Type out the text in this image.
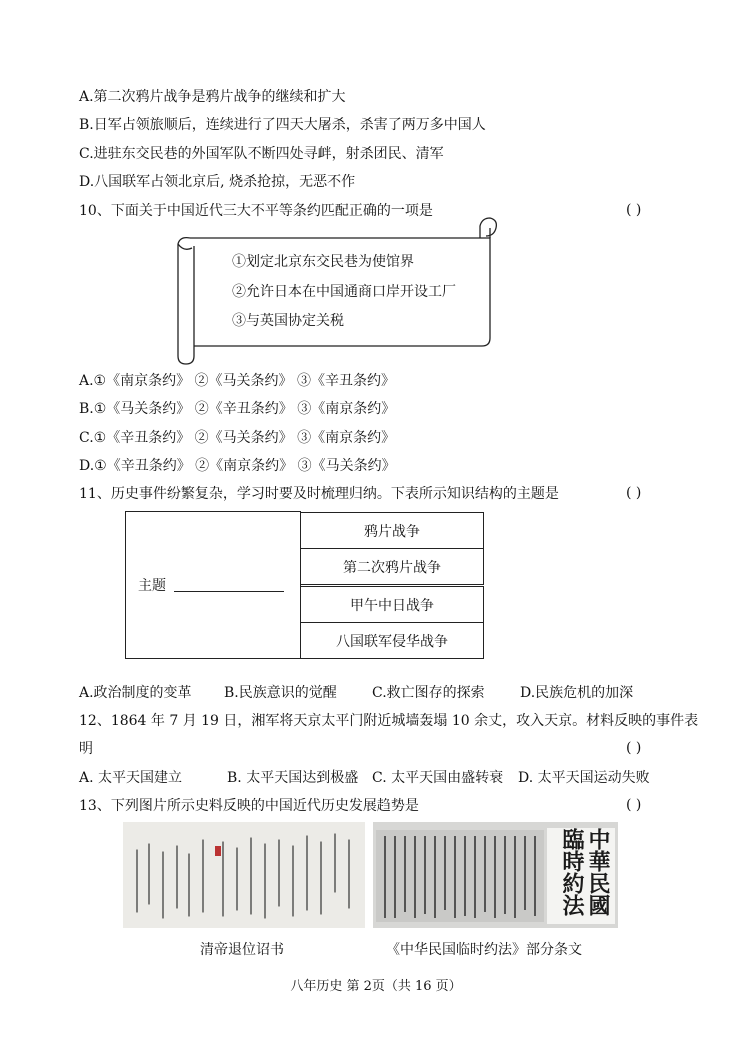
A.第二次鸦片战争是鸦片战争的继续和扩大
B.日军占领旅顺后，连续进行了四天大屠杀，杀害了两万多中国人
C.进驻东交民巷的外国军队不断四处寻衅，射杀团民、清军
D.八国联军占领北京后, 烧杀抢掠，无恶不作
10、下面关于中国近代三大不平等条约匹配正确的一项是	( )
①划定北京东交民巷为使馆界
②允许日本在中国通商口岸开设工厂
③与英国协定关税
A.①《南京条约》 ②《马关条约》 ③《辛丑条约》
B.①《马关条约》 ②《辛丑条约》 ③《南京条约》
C.①《辛丑条约》 ②《马关条约》 ③《南京条约》
D.①《辛丑条约》 ②《南京条约》 ③《马关条约》
11、历史事件纷繁复杂，学习时要及时梳理归纳。下表所示知识结构的主题是	( )
主题
鸦片战争
第二次鸦片战争
甲午中日战争
八国联军侵华战争
A.政治制度的变革 B.民族意识的觉醒	C.救亡图存的探索	D.民族危机的加深
12、1864 年 7 月 19 日，湘军将天京太平门附近城墙轰塌 10 余丈，攻入天京。材料反映的事件表
明	( )
A. 太平天国建立	B. 太平天国达到极盛 C. 太平天国由盛转衰 D. 太平天国运动失败
13、下列图片所示史料反映的中国近代历史发展趋势是	( )
中華民國臨時約法
清帝退位诏书	《中华民国临时约法》部分条文
八年历史 第 2页（共 16 页）
